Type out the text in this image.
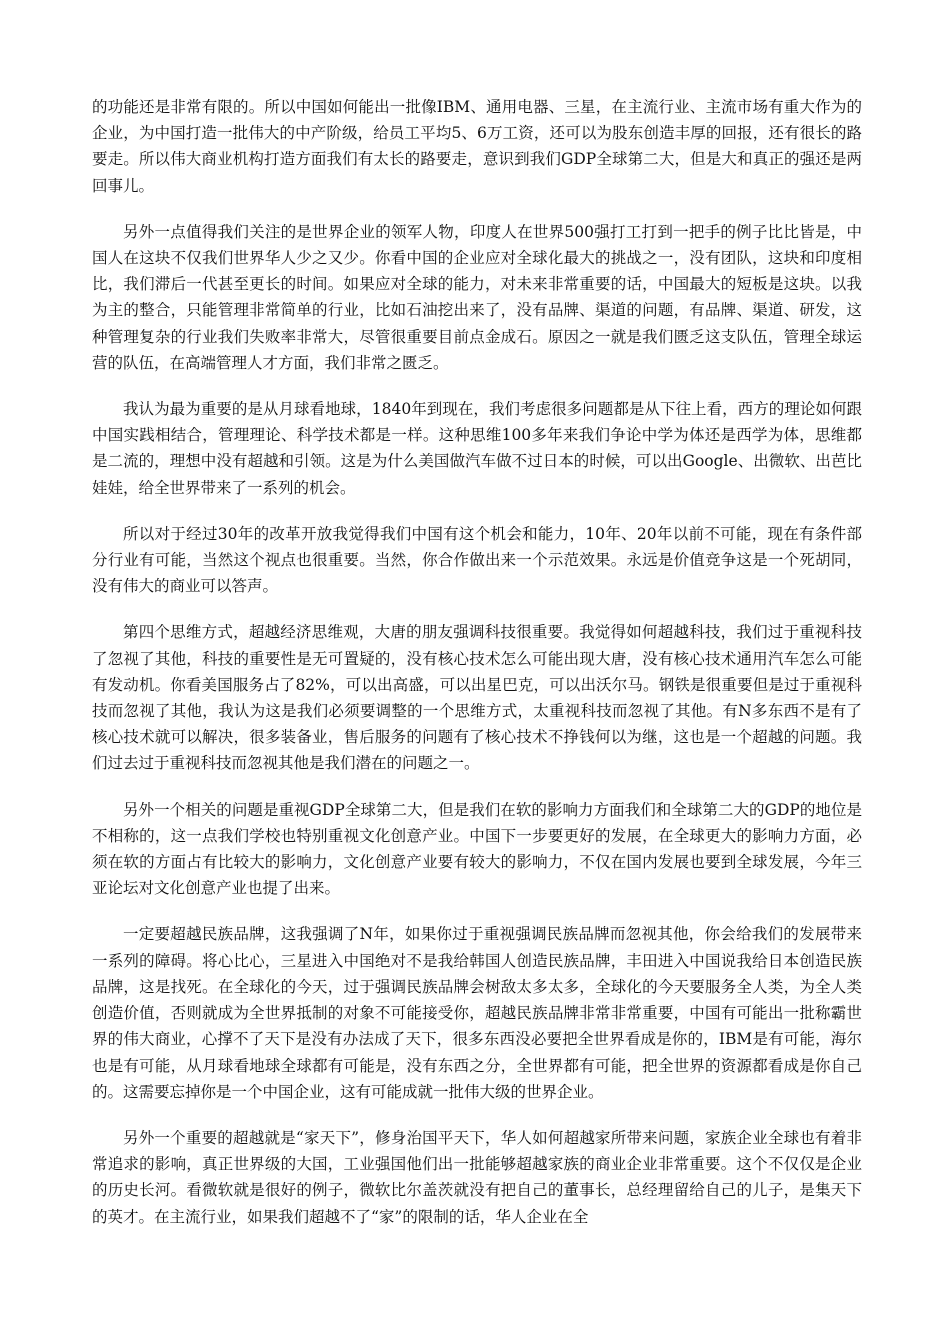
的功能还是非常有限的。所以中国如何能出一批像IBM、通用电器、三星，在主流行业、主流市场有重大作为的企业，为中国打造一批伟大的中产阶级，给员工平均5、6万工资，还可以为股东创造丰厚的回报，还有很长的路要走。所以伟大商业机构打造方面我们有太长的路要走，意识到我们GDP全球第二大，但是大和真正的强还是两回事儿。

另外一点值得我们关注的是世界企业的领军人物，印度人在世界500强打工打到一把手的例子比比皆是，中国人在这块不仅我们世界华人少之又少。你看中国的企业应对全球化最大的挑战之一，没有团队，这块和印度相比，我们滞后一代甚至更长的时间。如果应对全球的能力，对未来非常重要的话，中国最大的短板是这块。以我为主的整合，只能管理非常简单的行业，比如石油挖出来了，没有品牌、渠道的问题，有品牌、渠道、研发，这种管理复杂的行业我们失败率非常大，尽管很重要目前点金成石。原因之一就是我们匮乏这支队伍，管理全球运营的队伍，在高端管理人才方面，我们非常之匮乏。

我认为最为重要的是从月球看地球，1840年到现在，我们考虑很多问题都是从下往上看，西方的理论如何跟中国实践相结合，管理理论、科学技术都是一样。这种思维100多年来我们争论中学为体还是西学为体，思维都是二流的，理想中没有超越和引领。这是为什么美国做汽车做不过日本的时候，可以出Google、出微软、出芭比娃娃，给全世界带来了一系列的机会。

所以对于经过30年的改革开放我觉得我们中国有这个机会和能力，10年、20年以前不可能，现在有条件部分行业有可能，当然这个视点也很重要。当然，你合作做出来一个示范效果。永远是价值竞争这是一个死胡同，没有伟大的商业可以答声。

第四个思维方式，超越经济思维观，大唐的朋友强调科技很重要。我觉得如何超越科技，我们过于重视科技了忽视了其他，科技的重要性是无可置疑的，没有核心技术怎么可能出现大唐，没有核心技术通用汽车怎么可能有发动机。你看美国服务占了82%，可以出高盛，可以出星巴克，可以出沃尔马。钢铁是很重要但是过于重视科技而忽视了其他，我认为这是我们必须要调整的一个思维方式，太重视科技而忽视了其他。有N多东西不是有了核心技术就可以解决，很多装备业，售后服务的问题有了核心技术不挣钱何以为继，这也是一个超越的问题。我们过去过于重视科技而忽视其他是我们潜在的问题之一。

另外一个相关的问题是重视GDP全球第二大，但是我们在软的影响力方面我们和全球第二大的GDP的地位是不相称的，这一点我们学校也特别重视文化创意产业。中国下一步要更好的发展，在全球更大的影响力方面，必须在软的方面占有比较大的影响力，文化创意产业要有较大的影响力，不仅在国内发展也要到全球发展，今年三亚论坛对文化创意产业也提了出来。

一定要超越民族品牌，这我强调了N年，如果你过于重视强调民族品牌而忽视其他，你会给我们的发展带来一系列的障碍。将心比心，三星进入中国绝对不是我给韩国人创造民族品牌，丰田进入中国说我给日本创造民族品牌，这是找死。在全球化的今天，过于强调民族品牌会树敌太多太多，全球化的今天要服务全人类，为全人类创造价值，否则就成为全世界抵制的对象不可能接受你，超越民族品牌非常非常重要，中国有可能出一批称霸世界的伟大商业，心撑不了天下是没有办法成了天下，很多东西没必要把全世界看成是你的，IBM是有可能，海尔也是有可能，从月球看地球全球都有可能是，没有东西之分，全世界都有可能，把全世界的资源都看成是你自己的。这需要忘掉你是一个中国企业，这有可能成就一批伟大级的世界企业。

另外一个重要的超越就是“家天下”，修身治国平天下，华人如何超越家所带来问题，家族企业全球也有着非常追求的影响，真正世界级的大国，工业强国他们出一批能够超越家族的商业企业非常重要。这个不仅仅是企业的历史长河。看微软就是很好的例子，微软比尔盖茨就没有把自己的董事长，总经理留给自己的儿子，是集天下的英才。在主流行业，如果我们超越不了“家”的限制的话，华人企业在全
